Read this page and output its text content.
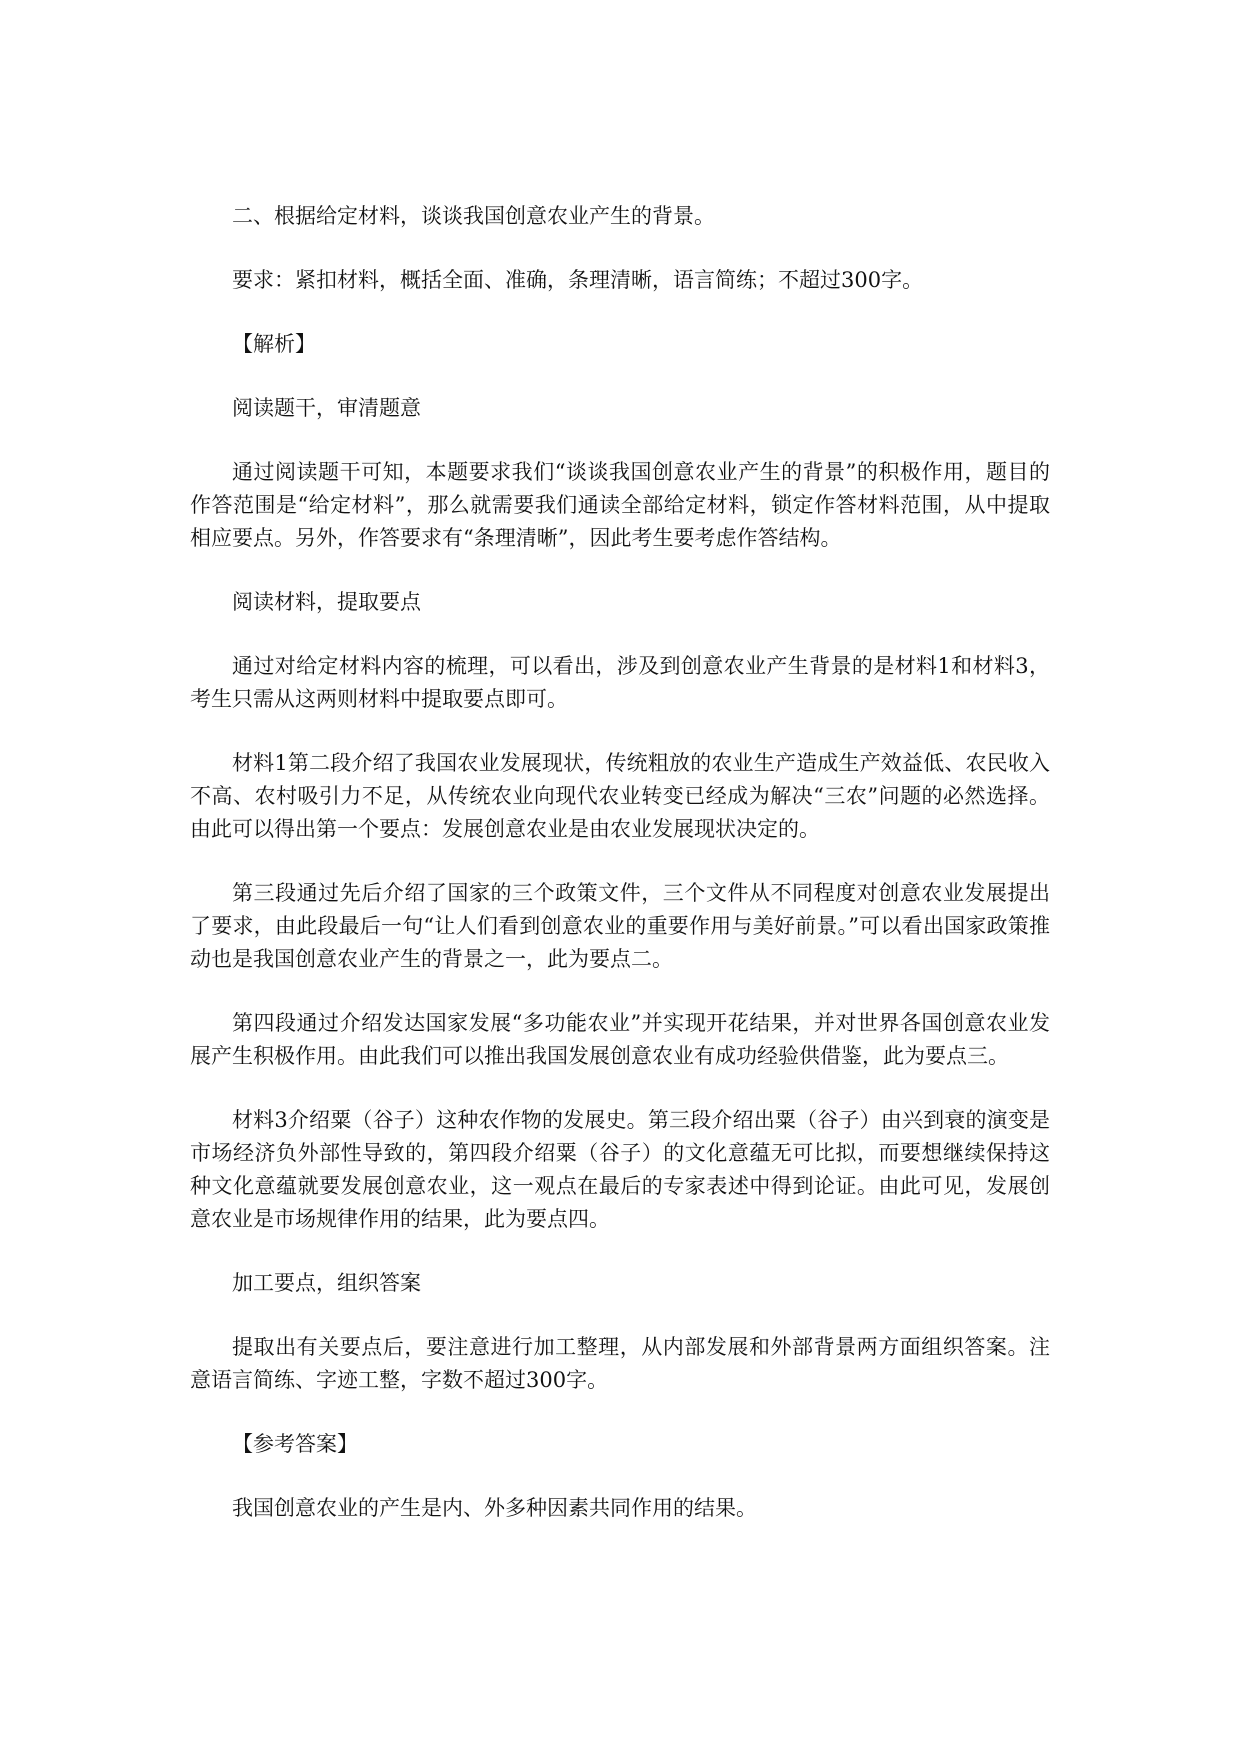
二、根据给定材料，谈谈我国创意农业产生的背景。

要求：紧扣材料，概括全面、准确，条理清晰，语言简练；不超过300字。

【解析】

阅读题干，审清题意

通过阅读题干可知，本题要求我们“谈谈我国创意农业产生的背景”的积极作用，题目的作答范围是“给定材料”，那么就需要我们通读全部给定材料，锁定作答材料范围，从中提取相应要点。另外，作答要求有“条理清晰”，因此考生要考虑作答结构。

阅读材料，提取要点

通过对给定材料内容的梳理，可以看出，涉及到创意农业产生背景的是材料1和材料3，考生只需从这两则材料中提取要点即可。

材料1第二段介绍了我国农业发展现状，传统粗放的农业生产造成生产效益低、农民收入不高、农村吸引力不足，从传统农业向现代农业转变已经成为解决“三农”问题的必然选择。由此可以得出第一个要点：发展创意农业是由农业发展现状决定的。

第三段通过先后介绍了国家的三个政策文件，三个文件从不同程度对创意农业发展提出了要求，由此段最后一句“让人们看到创意农业的重要作用与美好前景。”可以看出国家政策推动也是我国创意农业产生的背景之一，此为要点二。

第四段通过介绍发达国家发展“多功能农业”并实现开花结果，并对世界各国创意农业发展产生积极作用。由此我们可以推出我国发展创意农业有成功经验供借鉴，此为要点三。

材料3介绍粟（谷子）这种农作物的发展史。第三段介绍出粟（谷子）由兴到衰的演变是市场经济负外部性导致的，第四段介绍粟（谷子）的文化意蕴无可比拟，而要想继续保持这种文化意蕴就要发展创意农业，这一观点在最后的专家表述中得到论证。由此可见，发展创意农业是市场规律作用的结果，此为要点四。

加工要点，组织答案

提取出有关要点后，要注意进行加工整理，从内部发展和外部背景两方面组织答案。注意语言简练、字迹工整，字数不超过300字。

【参考答案】

我国创意农业的产生是内、外多种因素共同作用的结果。
